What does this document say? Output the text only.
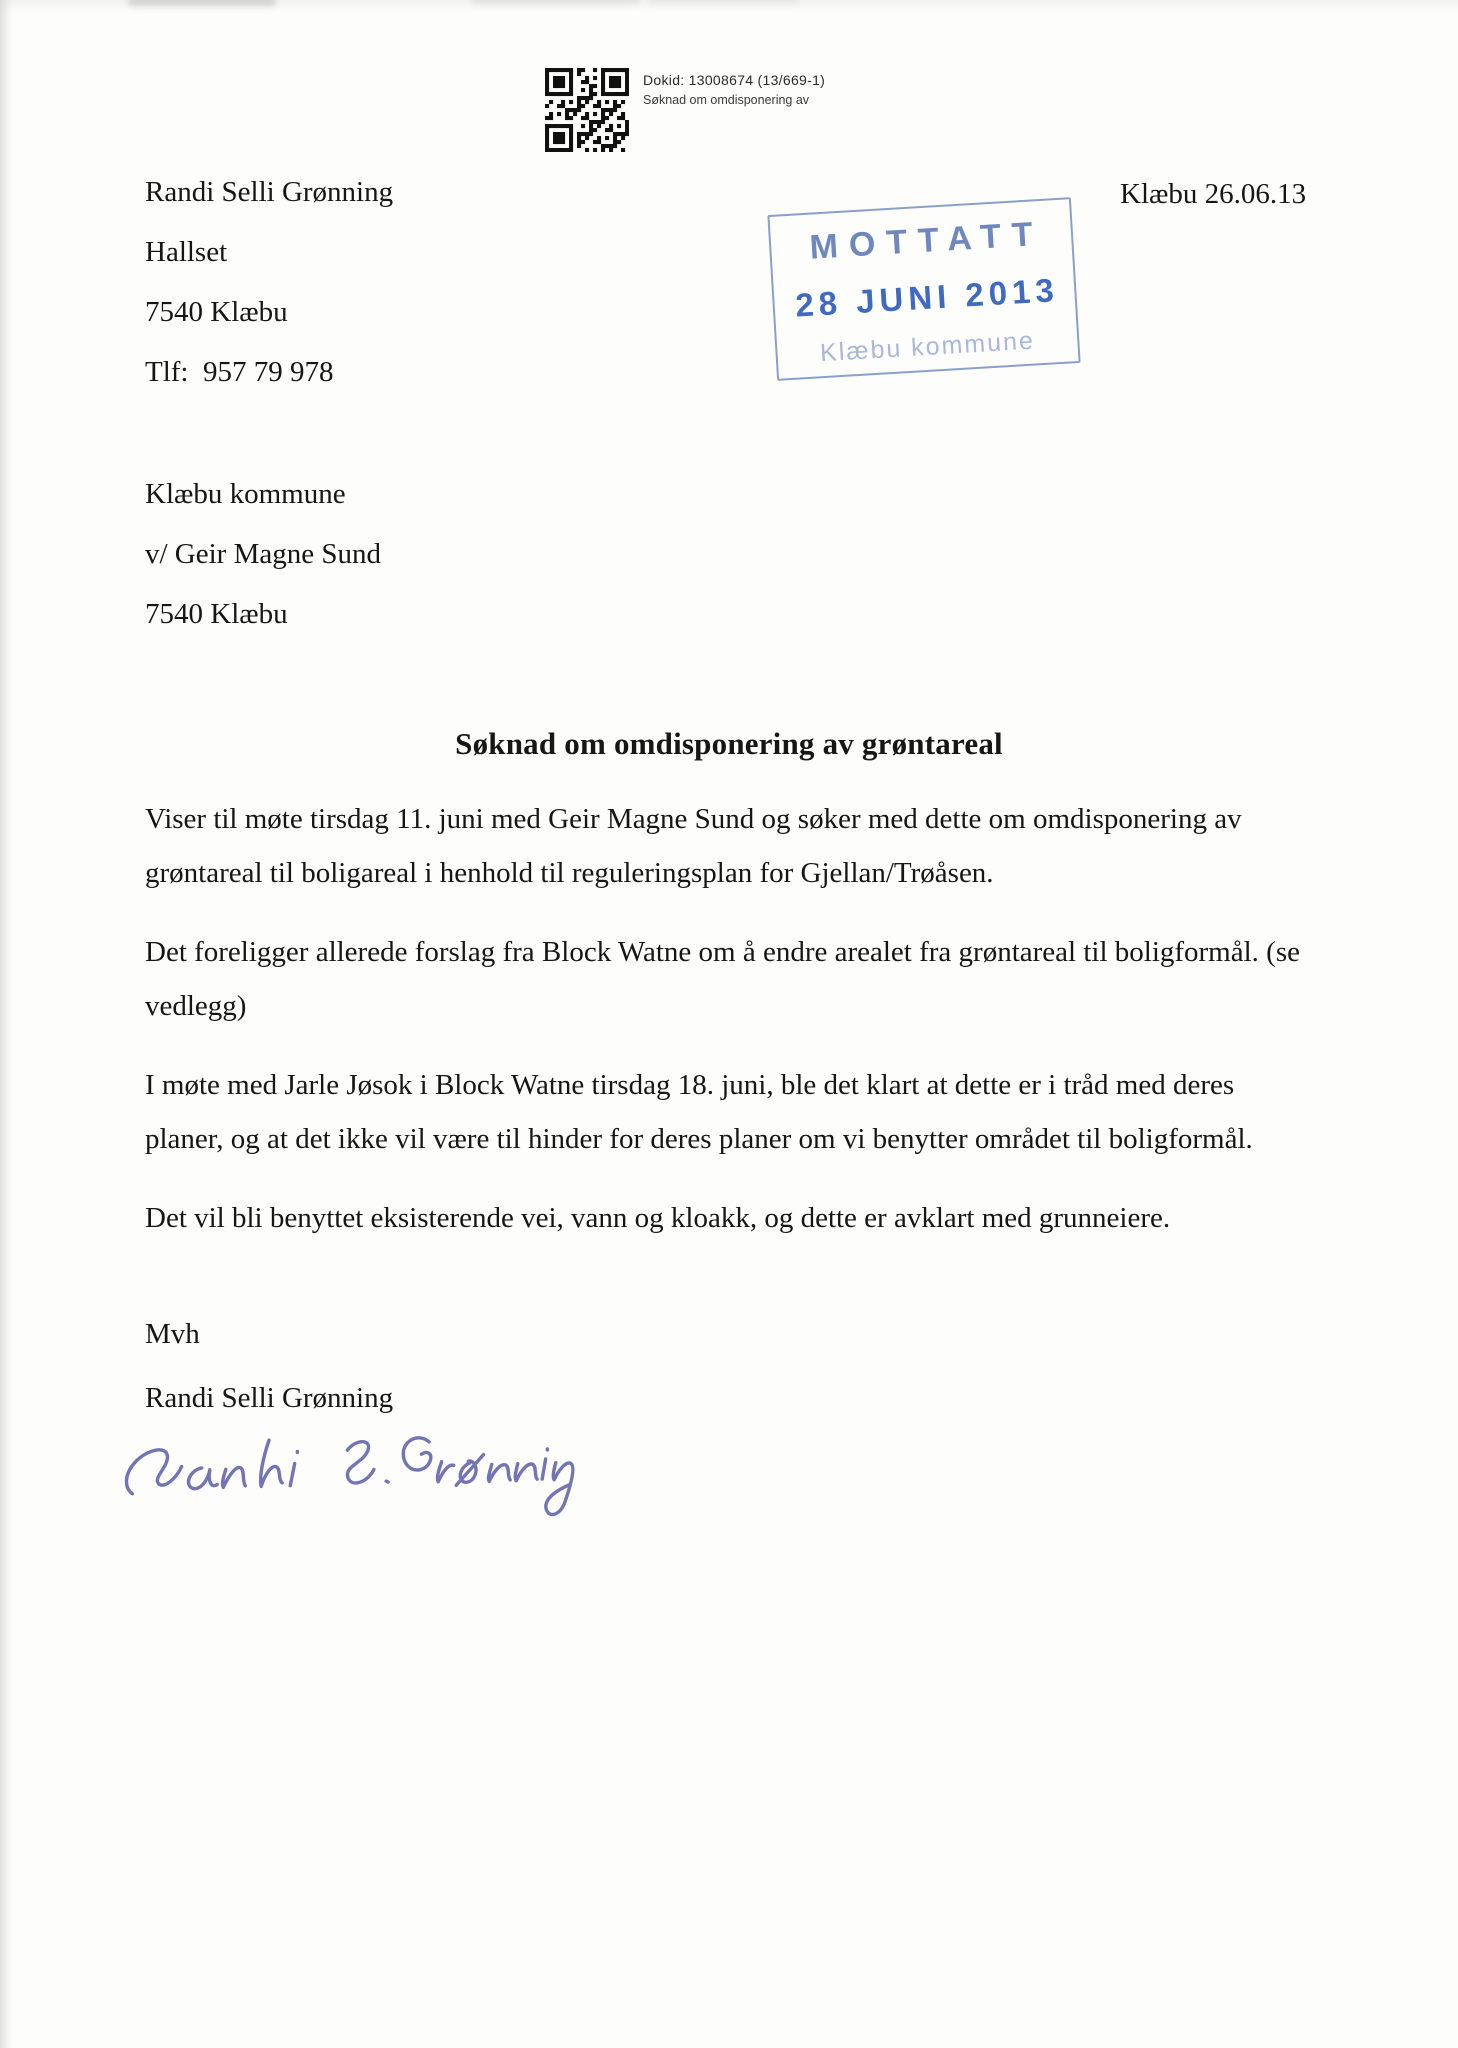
Dokid: 13008674 (13/669-1)
Søknad om omdisponering av
Randi Selli Grønning
Hallset
7540 Klæbu
Tlf:  957 79 978
Klæbu 26.06.13
MOTTATT
28 JUNI 2013
Klæbu kommune
Klæbu kommune
v/ Geir Magne Sund
7540 Klæbu
Søknad om omdisponering av grøntareal

Viser til møte tirsdag 11. juni med Geir Magne Sund og søker med dette om omdisponering av grøntareal til boligareal i henhold til reguleringsplan for Gjellan/Trøåsen.

Det foreligger allerede forslag fra Block Watne om å endre arealet fra grøntareal til boligformål. (se vedlegg)

I møte med Jarle Jøsok i Block Watne tirsdag 18. juni, ble det klart at dette er i tråd med deres planer, og at det ikke vil være til hinder for deres planer om vi benytter området til boligformål.

Det vil bli benyttet eksisterende vei, vann og kloakk, og dette er avklart med grunneiere.

Mvh
Randi Selli Grønning
